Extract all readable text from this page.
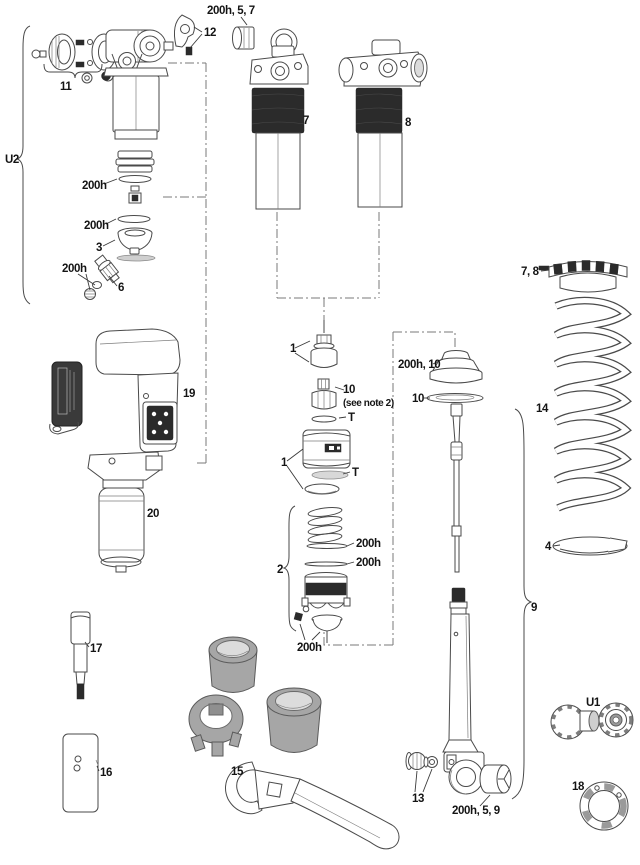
200h, 5, 7
12
11
U2
7	8
200h
200h
3
200h
6
7, 8
1
200h, 10
10
(see note 2) 10
T
14
19
1
T
2
200h
200h
20
9
4
17	200h
15
16
13
200h, 5, 9
U1
18
